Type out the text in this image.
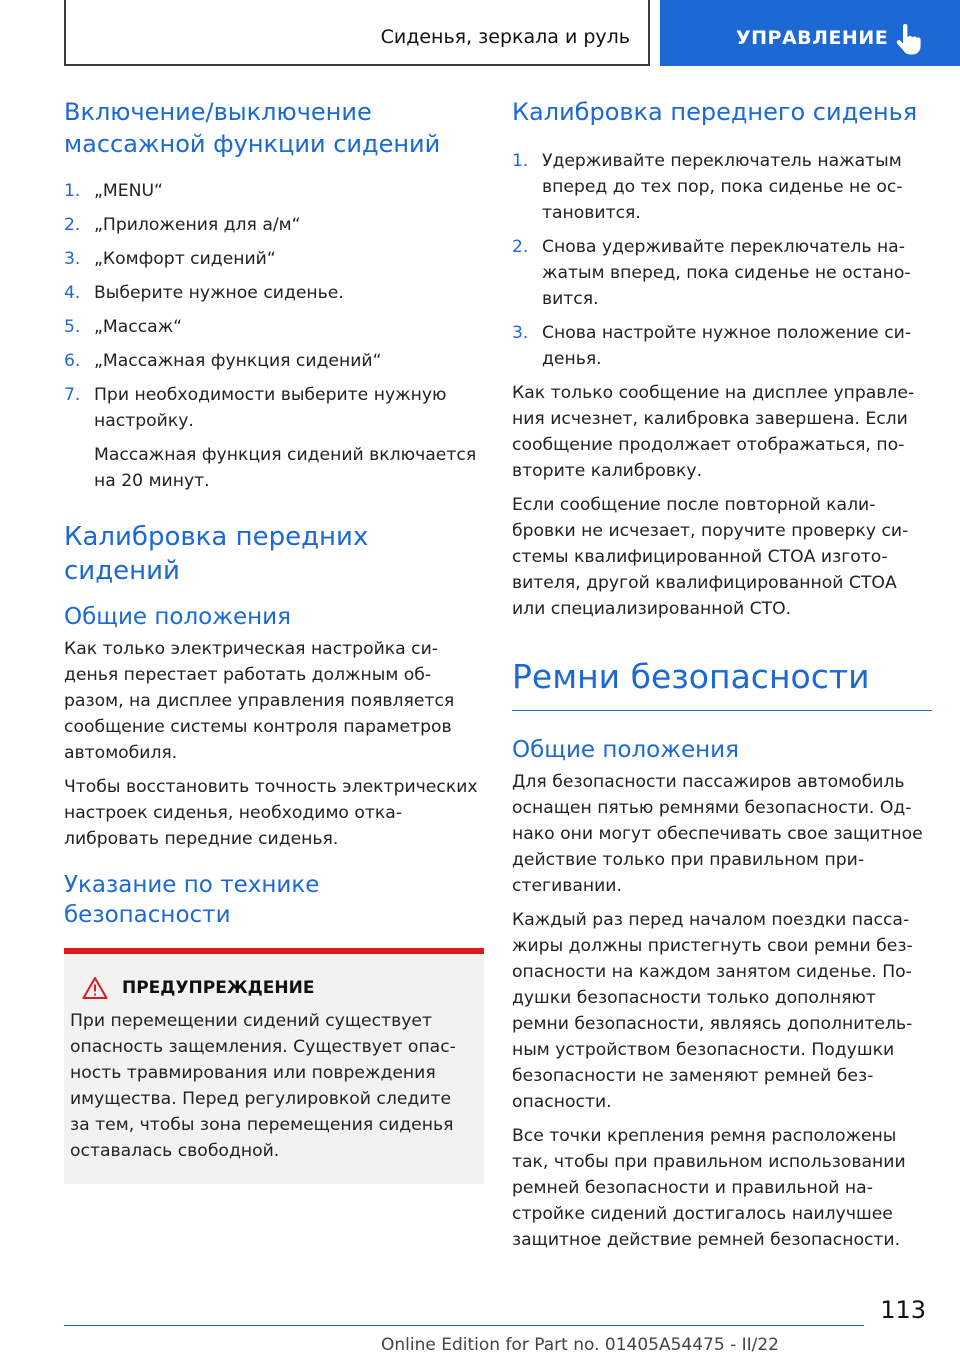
Сиденья, зеркала и руль	УПРАВЛЕНИЕ
Включение/выключение массажной функции сидений
1. „MENU“
2. „Приложения для а/м“
3. „Комфорт сидений“
4. Выберите нужное сиденье.
5. „Массаж“
6. „Массажная функция сидений“
7. При необходимости выберите нужную настройку.

Массажная функция сидений включается на 20 минут.

Калибровка передних сидений
Общие положения

Как только электрическая настройка сиденья перестает работать должным образом, на дисплее управления появляется сообщение системы контроля параметров автомобиля.

Чтобы восстановить точность электрических настроек сиденья, необходимо откалибровать передние сиденья.

Указание по технике безопасности
ПРЕДУПРЕЖДЕНИЕ

При перемещении сидений существует опасность защемления. Существует опасность травмирования или повреждения имущества. Перед регулировкой следите за тем, чтобы зона перемещения сиденья оставалась свободной.

Калибровка переднего сиденья
1. Удерживайте переключатель нажатым вперед до тех пор, пока сиденье не остановится.
2. Снова удерживайте переключатель нажатым вперед, пока сиденье не остановится.
3. Снова настройте нужное положение сиденья.

Как только сообщение на дисплее управления исчезнет, калибровка завершена. Если сообщение продолжает отображаться, повторите калибровку.

Если сообщение после повторной калибровки не исчезает, поручите проверку системы квалифицированной СТОА изготовителя, другой квалифицированной СТОА или специализированной СТО.

Ремни безопасности
Общие положения

Для безопасности пассажиров автомобиль оснащен пятью ремнями безопасности. Однако они могут обеспечивать свое защитное действие только при правильном пристегивании.

Каждый раз перед началом поездки пассажиры должны пристегнуть свои ремни безопасности на каждом занятом сиденье. Подушки безопасности только дополняют ремни безопасности, являясь дополнительным устройством безопасности. Подушки безопасности не заменяют ремней безопасности.

Все точки крепления ремня расположены так, чтобы при правильном использовании ремней безопасности и правильной настройке сидений достигалось наилучшее защитное действие ремней безопасности.

113
Online Edition for Part no. 01405A54475 - II/22
